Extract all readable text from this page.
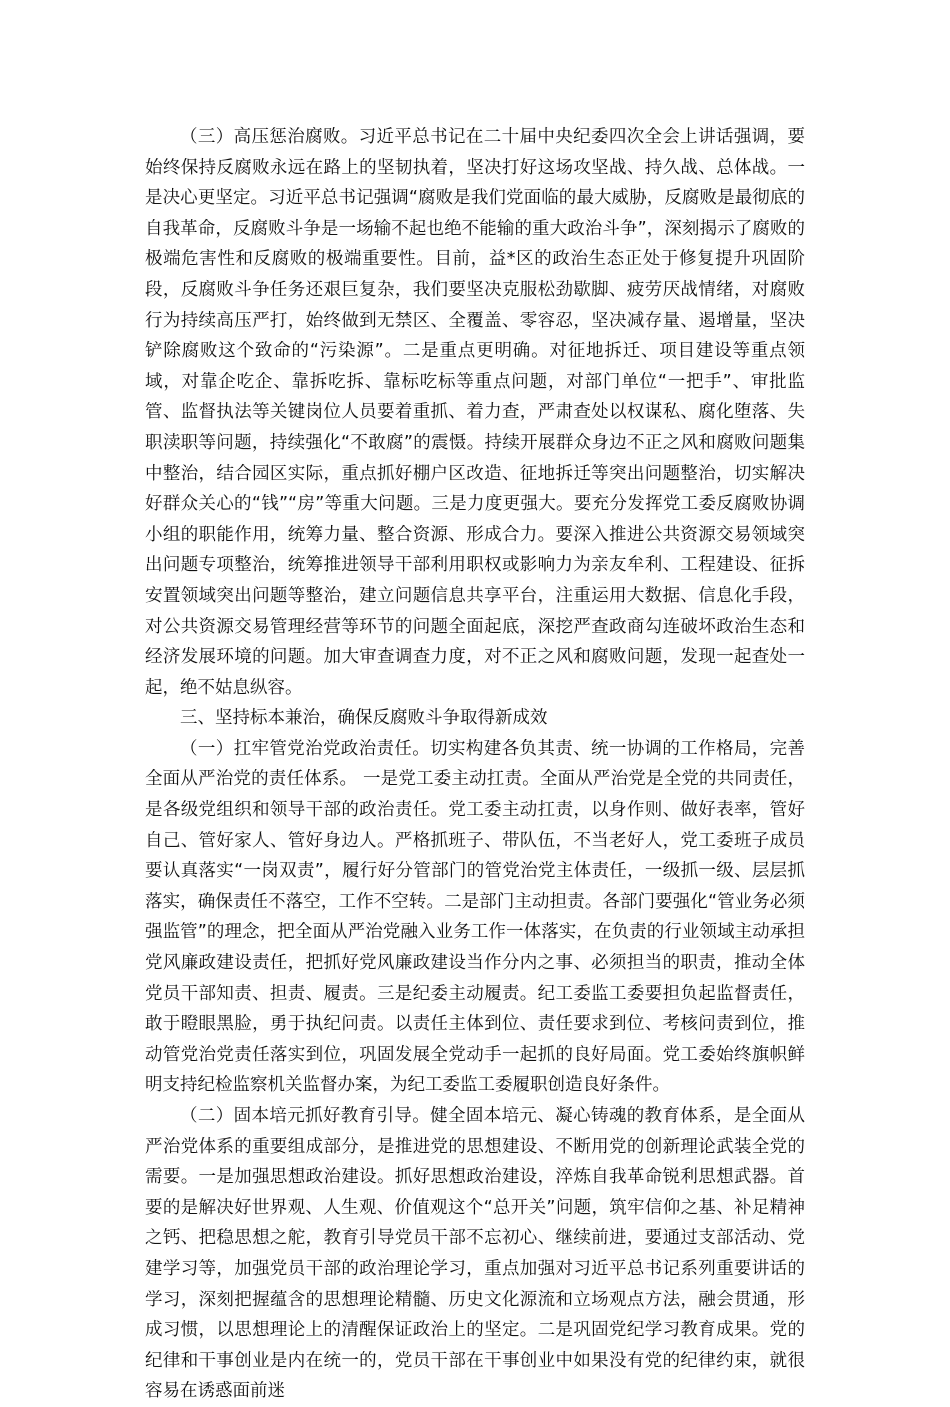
（三）高压惩治腐败。习近平总书记在二十届中央纪委四次全会上讲话强调，要始终保持反腐败永远在路上的坚韧执着，坚决打好这场攻坚战、持久战、总体战。一是决心更坚定。习近平总书记强调“腐败是我们党面临的最大威胁，反腐败是最彻底的自我革命，反腐败斗争是一场输不起也绝不能输的重大政治斗争”，深刻揭示了腐败的极端危害性和反腐败的极端重要性。目前，益*区的政治生态正处于修复提升巩固阶段，反腐败斗争任务还艰巨复杂，我们要坚决克服松劲歇脚、疲劳厌战情绪，对腐败行为持续高压严打，始终做到无禁区、全覆盖、零容忍，坚决减存量、遏增量，坚决铲除腐败这个致命的“污染源”。二是重点更明确。对征地拆迁、项目建设等重点领域，对靠企吃企、靠拆吃拆、靠标吃标等重点问题，对部门单位“一把手”、审批监管、监督执法等关键岗位人员要着重抓、着力查，严肃查处以权谋私、腐化堕落、失职渎职等问题，持续强化“不敢腐”的震慑。持续开展群众身边不正之风和腐败问题集中整治，结合园区实际，重点抓好棚户区改造、征地拆迁等突出问题整治，切实解决好群众关心的“钱”“房”等重大问题。三是力度更强大。要充分发挥党工委反腐败协调小组的职能作用，统筹力量、整合资源、形成合力。要深入推进公共资源交易领域突出问题专项整治，统筹推进领导干部利用职权或影响力为亲友牟利、工程建设、征拆安置领域突出问题等整治，建立问题信息共享平台，注重运用大数据、信息化手段，对公共资源交易管理经营等环节的问题全面起底，深挖严查政商勾连破坏政治生态和经济发展环境的问题。加大审查调查力度，对不正之风和腐败问题，发现一起查处一起，绝不姑息纵容。

三、坚持标本兼治，确保反腐败斗争取得新成效

（一）扛牢管党治党政治责任。切实构建各负其责、统一协调的工作格局，完善全面从严治党的责任体系。 一是党工委主动扛责。全面从严治党是全党的共同责任，是各级党组织和领导干部的政治责任。党工委主动扛责，以身作则、做好表率，管好自己、管好家人、管好身边人。严格抓班子、带队伍，不当老好人，党工委班子成员要认真落实“一岗双责”，履行好分管部门的管党治党主体责任，一级抓一级、层层抓落实，确保责任不落空，工作不空转。二是部门主动担责。各部门要强化“管业务必须强监管”的理念，把全面从严治党融入业务工作一体落实，在负责的行业领域主动承担党风廉政建设责任，把抓好党风廉政建设当作分内之事、必须担当的职责，推动全体党员干部知责、担责、履责。三是纪委主动履责。纪工委监工委要担负起监督责任，敢于瞪眼黑脸，勇于执纪问责。以责任主体到位、责任要求到位、考核问责到位，推动管党治党责任落实到位，巩固发展全党动手一起抓的良好局面。党工委始终旗帜鲜明支持纪检监察机关监督办案，为纪工委监工委履职创造良好条件。

（二）固本培元抓好教育引导。健全固本培元、凝心铸魂的教育体系，是全面从严治党体系的重要组成部分，是推进党的思想建设、不断用党的创新理论武装全党的需要。一是加强思想政治建设。抓好思想政治建设，淬炼自我革命锐利思想武器。首要的是解决好世界观、人生观、价值观这个“总开关”问题，筑牢信仰之基、补足精神之钙、把稳思想之舵，教育引导党员干部不忘初心、继续前进，要通过支部活动、党建学习等，加强党员干部的政治理论学习，重点加强对习近平总书记系列重要讲话的学习，深刻把握蕴含的思想理论精髓、历史文化源流和立场观点方法，融会贯通，形成习惯，以思想理论上的清醒保证政治上的坚定。二是巩固党纪学习教育成果。党的纪律和干事创业是内在统一的，党员干部在干事创业中如果没有党的纪律约束，就很容易在诱惑面前迷
